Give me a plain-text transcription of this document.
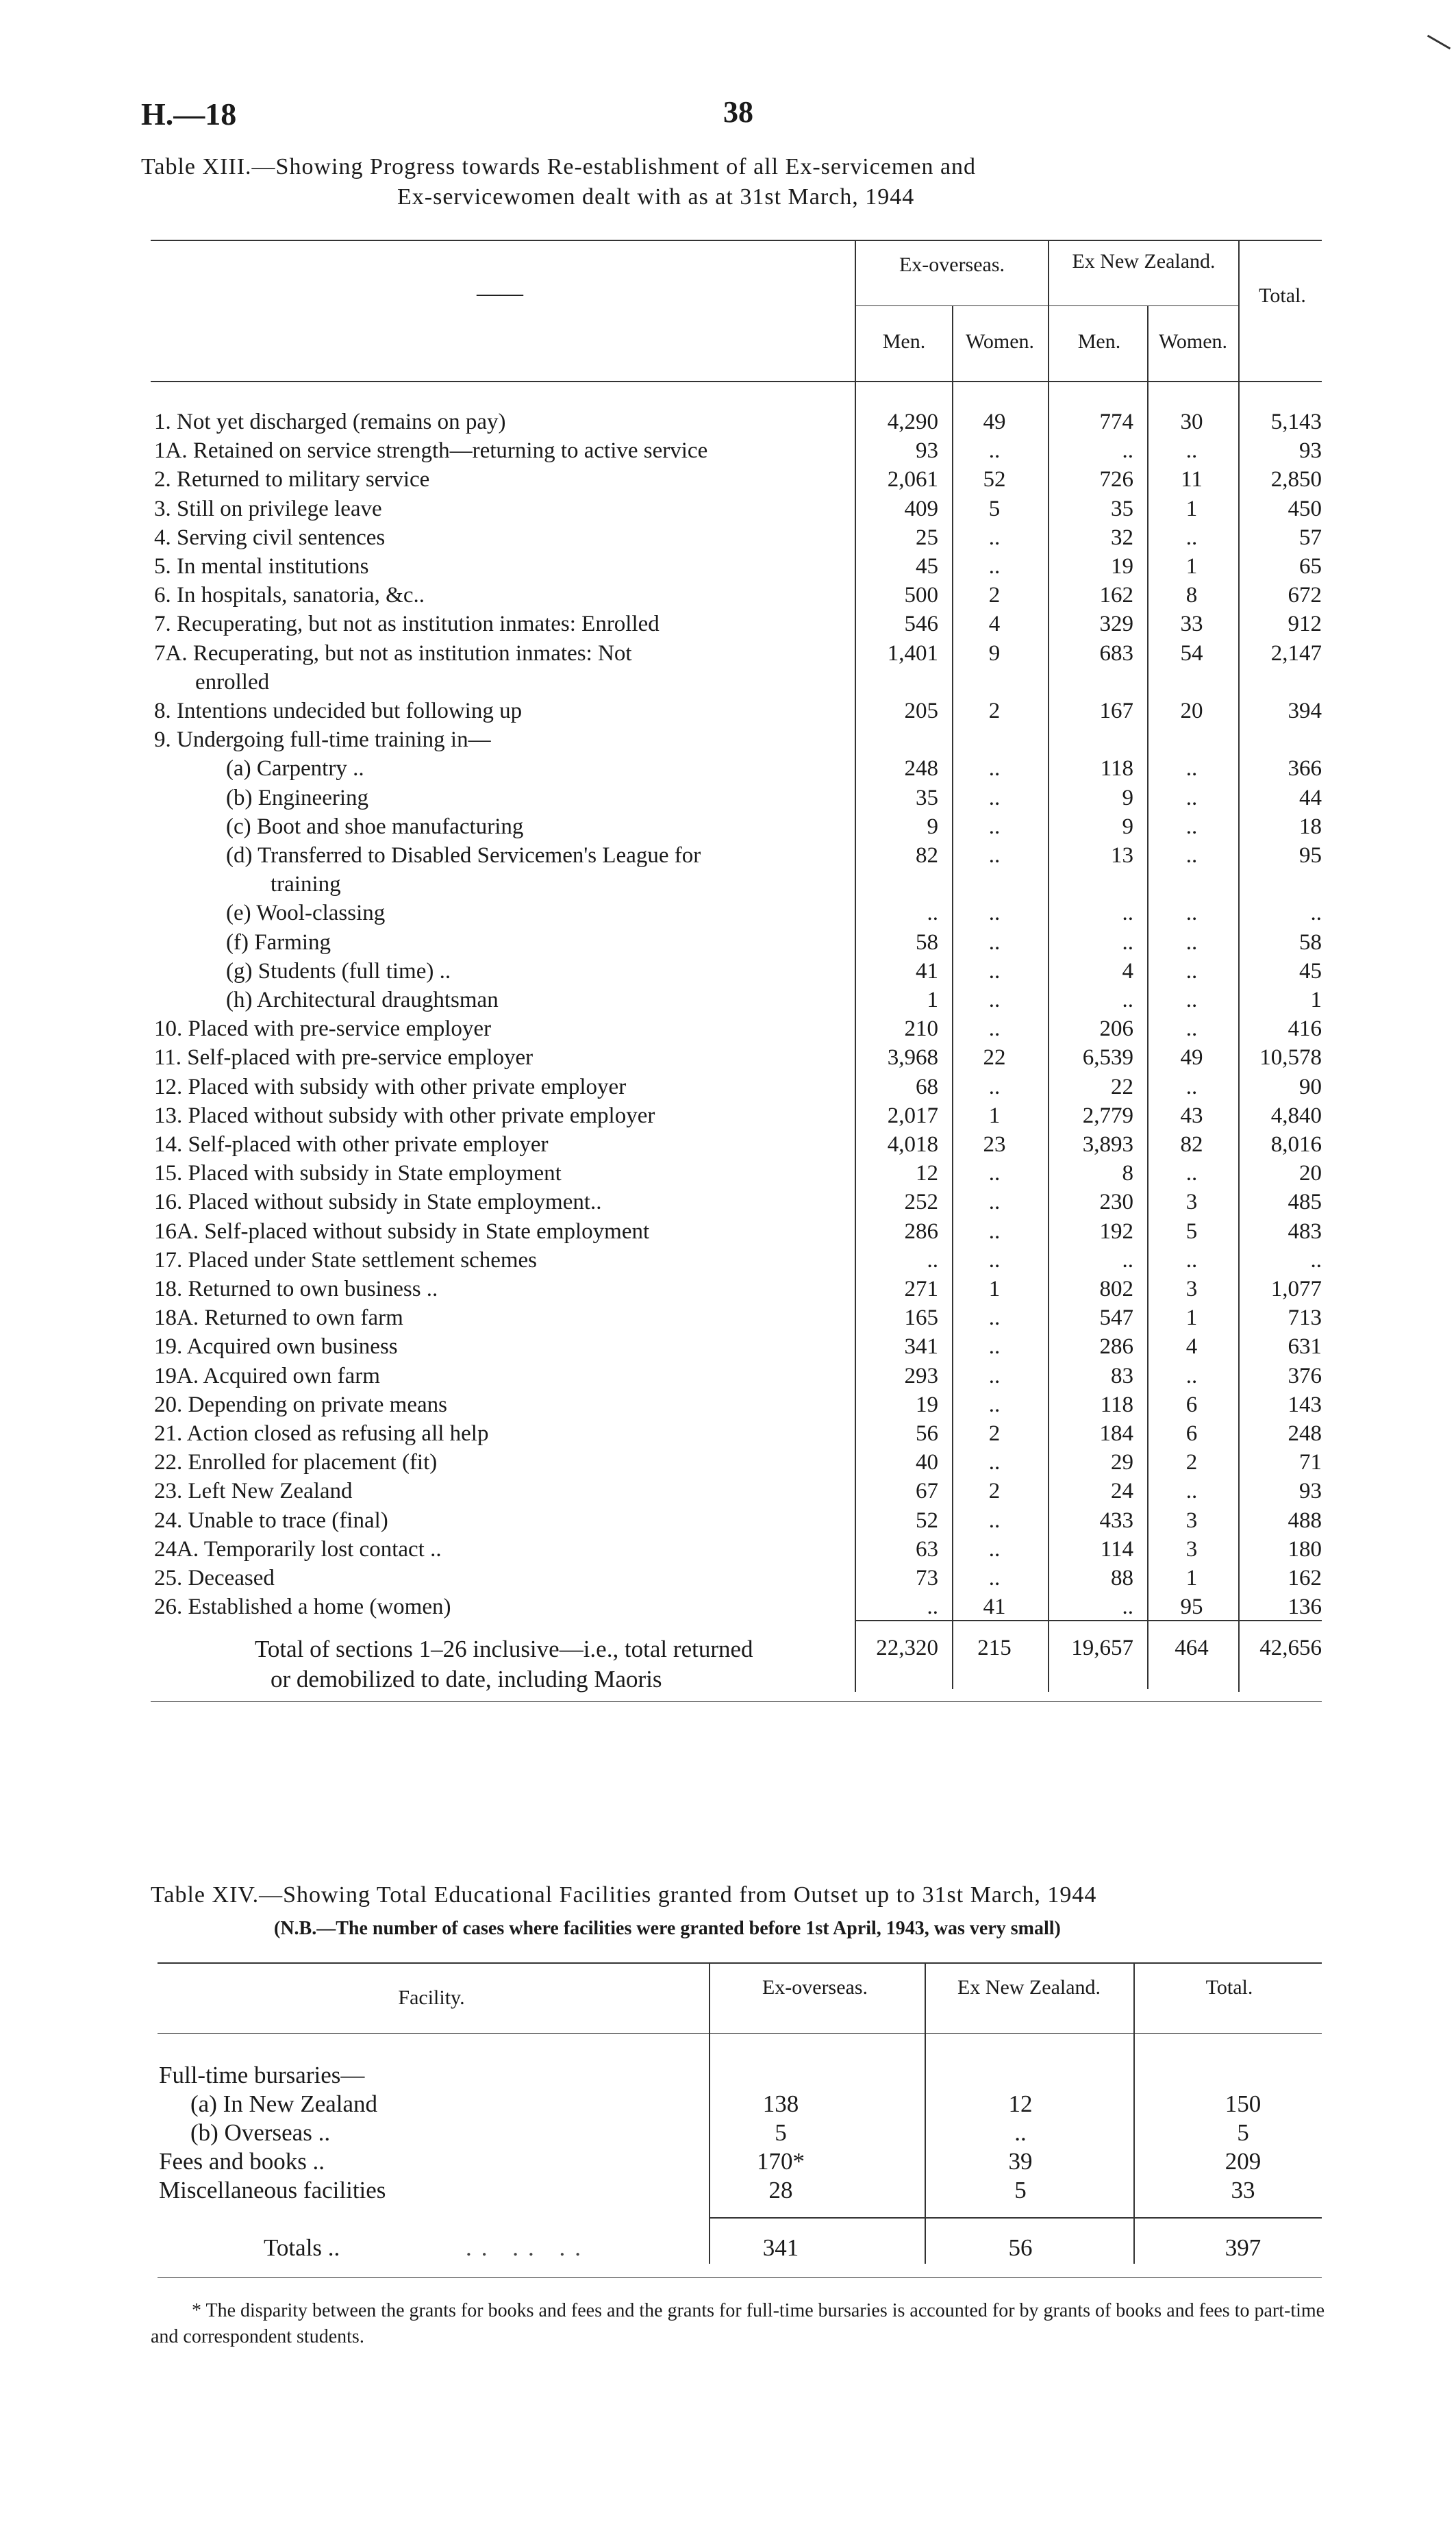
H.—18	38
Table XIII.—Showing Progress towards Re-establishment of all Ex-servicemen and
Ex-servicewomen dealt with as at 31st March, 1944
——
Ex-overseas.	Ex New Zealand.
Total.
Men.	Women.	Men.	Women.
1. Not yet discharged (remains on pay)	4,290	49	774	30	5,143
1A. Retained on service strength—returning to active service	93	..	..	..	93
2. Returned to military service	2,061	52	726	11	2,850
3. Still on privilege leave	409	5	35	1	450
4. Serving civil sentences	25	..	32	..	57
5. In mental institutions	45	..	19	1	65
6. In hospitals, sanatoria, &c..	500	2	162	8	672
7. Recuperating, but not as institution inmates: Enrolled	546	4	329	33	912
7A. Recuperating, but not as institution inmates: Not	1,401	9	683	54	2,147
enrolled
8. Intentions undecided but following up	205	2	167	20	394
9. Undergoing full-time training in—
(a) Carpentry ..	248	..	118	..	366
(b) Engineering	35	..	9	..	44
(c) Boot and shoe manufacturing	9	..	9	..	18
(d) Transferred to Disabled Servicemen's League for	82	..	13	..	95
training
(e) Wool-classing	..	..	..	..	..
(f) Farming	58	..	..	..	58
(g) Students (full time) ..	41	..	4	..	45
(h) Architectural draughtsman	1	..	..	..	1
10. Placed with pre-service employer	210	..	206	..	416
11. Self-placed with pre-service employer	3,968	22	6,539	49	10,578
12. Placed with subsidy with other private employer	68	..	22	..	90
13. Placed without subsidy with other private employer	2,017	1	2,779	43	4,840
14. Self-placed with other private employer	4,018	23	3,893	82	8,016
15. Placed with subsidy in State employment	12	..	8	..	20
16. Placed without subsidy in State employment..	252	..	230	3	485
16A. Self-placed without subsidy in State employment	286	..	192	5	483
17. Placed under State settlement schemes	..	..	..	..	..
18. Returned to own business ..	271	1	802	3	1,077
18A. Returned to own farm	165	..	547	1	713
19. Acquired own business	341	..	286	4	631
19A. Acquired own farm	293	..	83	..	376
20. Depending on private means	19	..	118	6	143
21. Action closed as refusing all help	56	2	184	6	248
22. Enrolled for placement (fit)	40	..	29	2	71
23. Left New Zealand	67	2	24	..	93
24. Unable to trace (final)	52	..	433	3	488
24A. Temporarily lost contact ..	63	..	114	3	180
25. Deceased	73	..	88	1	162
26. Established a home (women)	..	41	..	95	136
Total of sections 1–26 inclusive—i.e., total returned
or demobilized to date, including Maoris
22,320	215	19,657	464	42,656
Table XIV.—Showing Total Educational Facilities granted from Outset up to 31st March, 1944
(N.B.—The number of cases where facilities were granted before 1st April, 1943, was very small)
Facility.	Ex-overseas.	Ex New Zealand.	Total.
Full-time bursaries—
(a) In New Zealand	138	12	150
(b) Overseas ..	5	..	5
Fees and books ..	170*	39	209
Miscellaneous facilities	28	5	33
Totals ..	.. .. ..	341	56	397
* The disparity between the grants for books and fees and the grants for full-time bursaries is accounted for by grants of books and fees to part-time and correspondent students.
